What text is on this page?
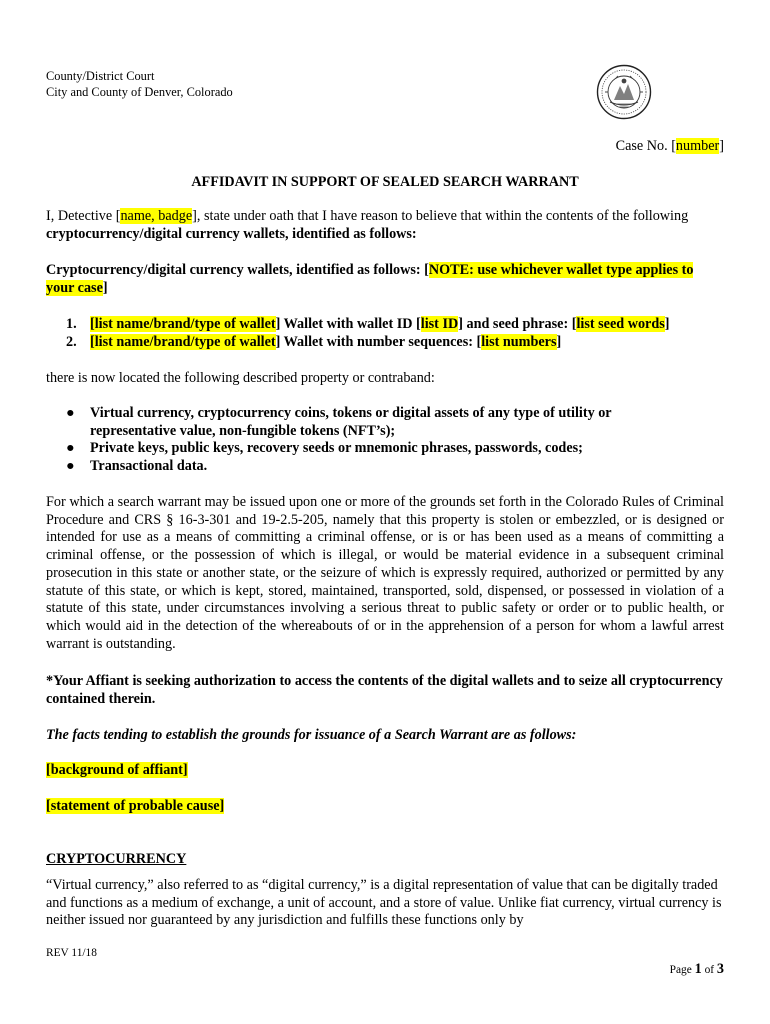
County/District Court
City and County of Denver, Colorado
Case No. [number]
AFFIDAVIT IN SUPPORT OF SEALED SEARCH WARRANT
I, Detective [name, badge], state under oath that I have reason to believe that within the contents of the following cryptocurrency/digital currency wallets, identified as follows:
Cryptocurrency/digital currency wallets, identified as follows: [NOTE: use whichever wallet type applies to your case]
1. [list name/brand/type of wallet] Wallet with wallet ID [list ID] and seed phrase: [list seed words]
2. [list name/brand/type of wallet] Wallet with number sequences: [list numbers]
there is now located the following described property or contraband:
● Virtual currency, cryptocurrency coins, tokens or digital assets of any type of utility or representative value, non-fungible tokens (NFT’s);
● Private keys, public keys, recovery seeds or mnemonic phrases, passwords, codes;
● Transactional data.
For which a search warrant may be issued upon one or more of the grounds set forth in the Colorado Rules of Criminal Procedure and CRS § 16-3-301 and 19-2.5-205, namely that this property is stolen or embezzled, or is designed or intended for use as a means of committing a criminal offense, or is or has been used as a means of committing a criminal offense, or the possession of which is illegal, or would be material evidence in a subsequent criminal prosecution in this state or another state, or the seizure of which is expressly required, authorized or permitted by any statute of this state, or which is kept, stored, maintained, transported, sold, dispensed, or possessed in violation of a statute of this state, under circumstances involving a serious threat to public safety or order or to public health, or which would aid in the detection of the whereabouts of or in the apprehension of a person for whom a lawful arrest warrant is outstanding.
*Your Affiant is seeking authorization to access the contents of the digital wallets and to seize all cryptocurrency contained therein.
The facts tending to establish the grounds for issuance of a Search Warrant are as follows:
[background of affiant]
[statement of probable cause]
CRYPTOCURRENCY
“Virtual currency,” also referred to as “digital currency,” is a digital representation of value that can be digitally traded and functions as a medium of exchange, a unit of account, and a store of value. Unlike fiat currency, virtual currency is neither issued nor guaranteed by any jurisdiction and fulfills these functions only by
REV 11/18
Page 1 of 3
